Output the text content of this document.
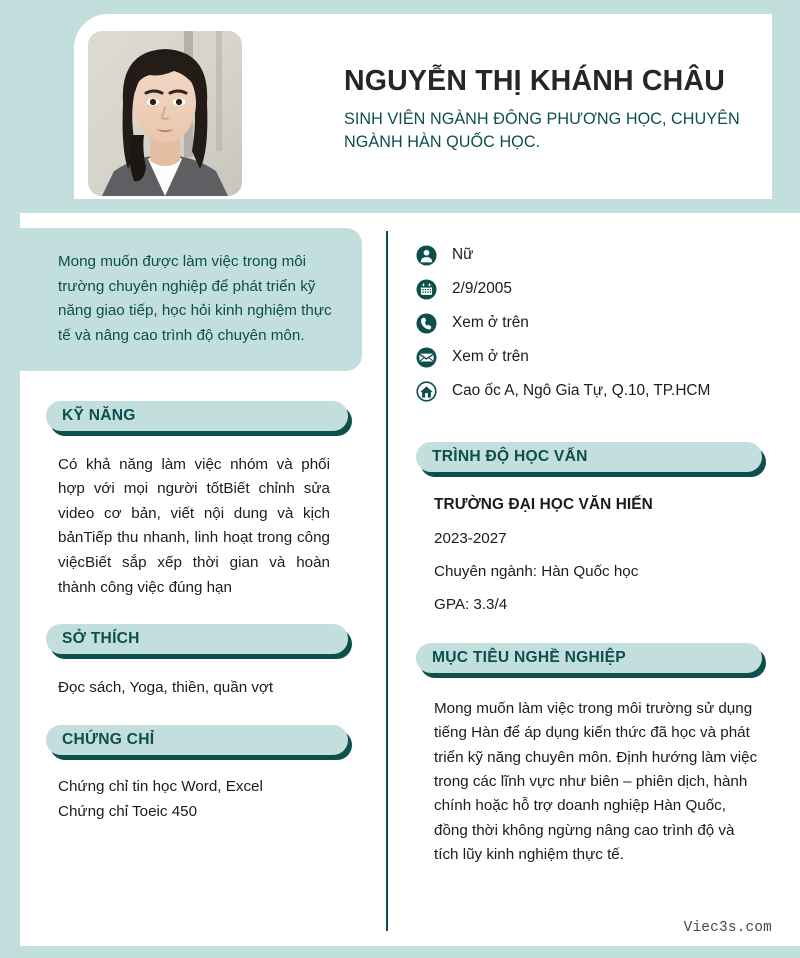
NGUYỄN THỊ KHÁNH CHÂU

SINH VIÊN NGÀNH ĐÔNG PHƯƠNG HỌC, CHUYÊN NGÀNH HÀN QUỐC HỌC.

Mong muốn được làm việc trong môi trường chuyên nghiệp để phát triển kỹ năng giao tiếp, học hỏi kinh nghiệm thực tế và nâng cao trình độ chuyên môn.

KỸ NĂNG

Có khả năng làm việc nhóm và phối hợp với mọi người tốtBiết chỉnh sửa video cơ bản, viết nội dung và kịch bảnTiếp thu nhanh, linh hoạt trong công việcBiết sắp xếp thời gian và hoàn thành công việc đúng hạn

SỞ THÍCH

Đọc sách, Yoga, thiền, quần vợt

CHỨNG CHỈ

Chứng chỉ tin học Word, Excel

Chứng chỉ Toeic 450

Nữ
2/9/2005
Xem ở trên
Xem ở trên
Cao ốc A, Ngô Gia Tự, Q.10, TP.HCM
TRÌNH ĐỘ HỌC VẤN

TRƯỜNG ĐẠI HỌC VĂN HIẾN

2023-2027

Chuyên ngành: Hàn Quốc học

GPA: 3.3/4

MỤC TIÊU NGHỀ NGHIỆP

Mong muốn làm việc trong môi trường sử dụng tiếng Hàn để áp dụng kiến thức đã học và phát triển kỹ năng chuyên môn. Định hướng làm việc trong các lĩnh vực như biên – phiên dịch, hành chính hoặc hỗ trợ doanh nghiệp Hàn Quốc, đồng thời không ngừng nâng cao trình độ và tích lũy kinh nghiệm thực tế.

Viec3s.com
